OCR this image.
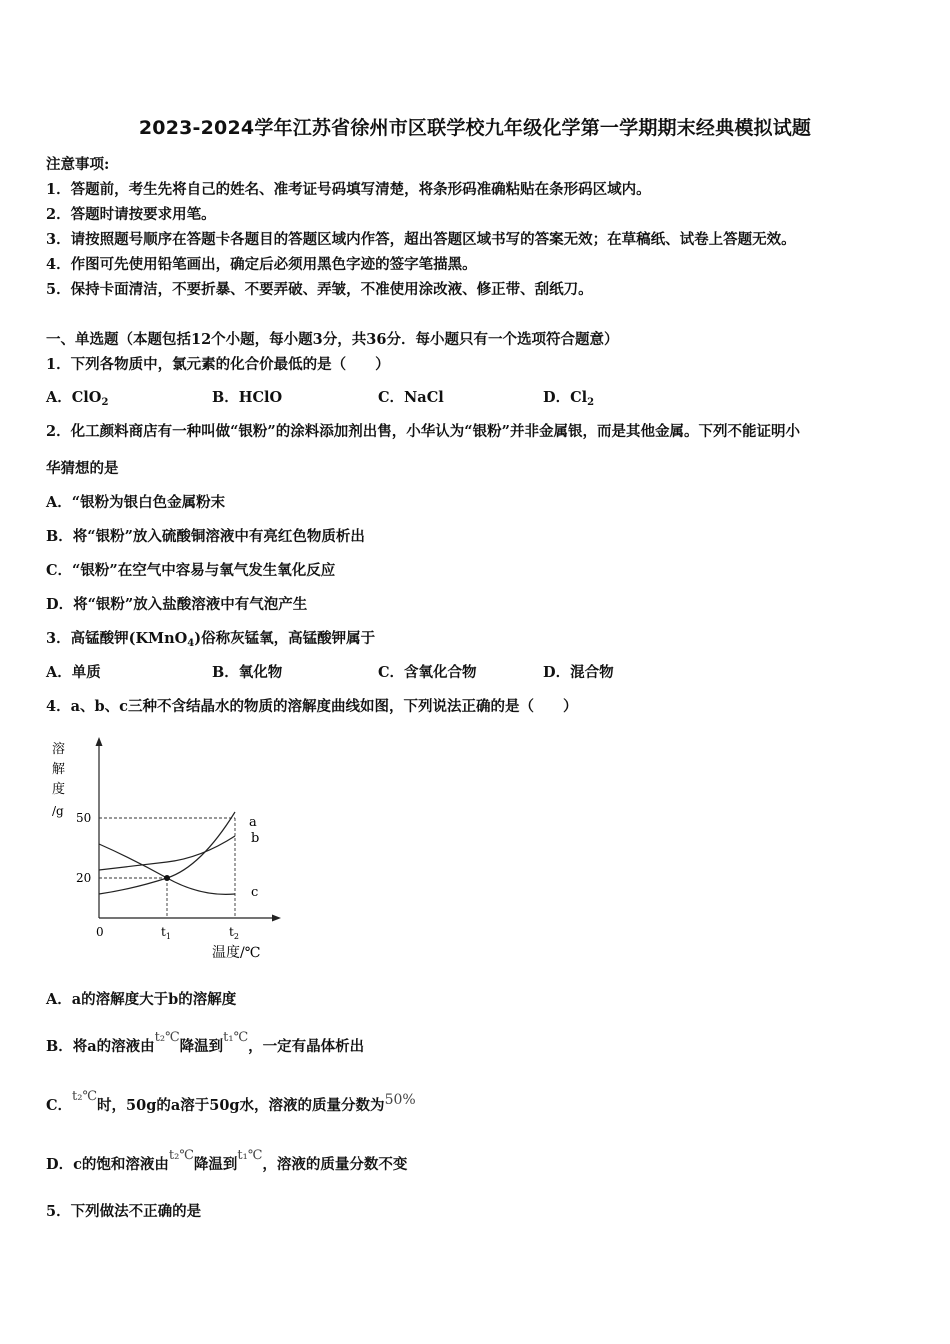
2023-2024学年江苏省徐州市区联学校九年级化学第一学期期末经典模拟试题
注意事项:
1．答题前，考生先将自己的姓名、准考证号码填写清楚，将条形码准确粘贴在条形码区域内。
2．答题时请按要求用笔。
3．请按照题号顺序在答题卡各题目的答题区域内作答，超出答题区域书写的答案无效；在草稿纸、试卷上答题无效。
4．作图可先使用铅笔画出，确定后必须用黑色字迹的签字笔描黑。
5．保持卡面清洁，不要折暴、不要弄破、弄皱，不准使用涂改液、修正带、刮纸刀。
一、单选题（本题包括12个小题，每小题3分，共36分．每小题只有一个选项符合题意）
1．下列各物质中，氯元素的化合价最低的是（　　）
A．ClO$_2$	B．HClO	C．NaCl	D．$Cl_2$
2．化工颜料商店有一种叫做“银粉”的涂料添加剂出售，小华认为“银粉”并非金属银，而是其他金属。下列不能证明小
华猜想的是
A．“银粉为银白色金属粉末
B．将“银粉”放入硫酸铜溶液中有亮红色物质析出
C．“银粉”在空气中容易与氧气发生氧化反应
D．将“银粉”放入盐酸溶液中有气泡产生
3．高锰酸钾(KMnO$_4$)俗称灰锰氧，高锰酸钾属于
A．单质	B．氧化物	C．含氧化合物	D．混合物
4．a、b、c三种不含结晶水的物质的溶解度曲线如图，下列说法正确的是（　　）
溶
解
度
/g
a
b
c
50
20
0	$t_1$	$t_2$
温度/℃
A．a的溶解度大于b的溶解度
B．将a的溶液由t₂℃降温到t₁℃，一定有晶体析出
C．t₂℃时，50g的a溶于50g水，溶液的质量分数为50%
D．c的饱和溶液由t₂℃降温到t₁℃，溶液的质量分数不变
5．下列做法不正确的是
